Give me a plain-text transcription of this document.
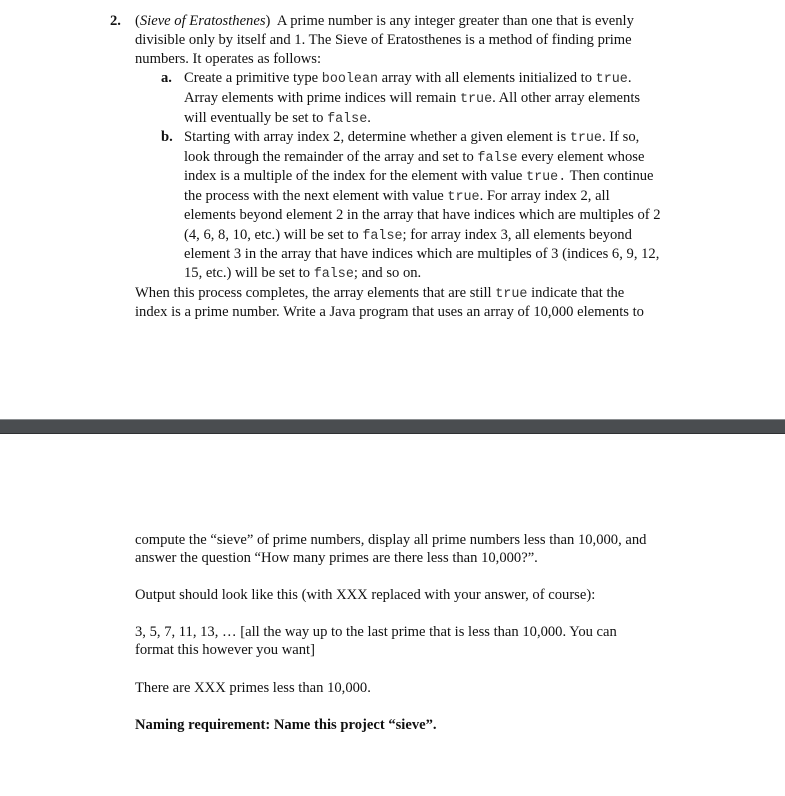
2. (Sieve of Eratosthenes)  A prime number is any integer greater than one that is evenly
divisible only by itself and 1. The Sieve of Eratosthenes is a method of finding prime
numbers. It operates as follows:
a. Create a primitive type boolean array with all elements initialized to true.
Array elements with prime indices will remain true. All other array elements
will eventually be set to false.
b. Starting with array index 2, determine whether a given element is true. If so,
look through the remainder of the array and set to false every element whose
index is a multiple of the index for the element with value true. Then continue
the process with the next element with value true. For array index 2, all
elements beyond element 2 in the array that have indices which are multiples of 2
(4, 6, 8, 10, etc.) will be set to false; for array index 3, all elements beyond
element 3 in the array that have indices which are multiples of 3 (indices 6, 9, 12,
15, etc.) will be set to false; and so on.
When this process completes, the array elements that are still true indicate that the
index is a prime number. Write a Java program that uses an array of 10,000 elements to
compute the “sieve” of prime numbers, display all prime numbers less than 10,000, and
answer the question “How many primes are there less than 10,000?”.
Output should look like this (with XXX replaced with your answer, of course):
3, 5, 7, 11, 13, … [all the way up to the last prime that is less than 10,000. You can
format this however you want]
There are XXX primes less than 10,000.
Naming requirement: Name this project “sieve”.
